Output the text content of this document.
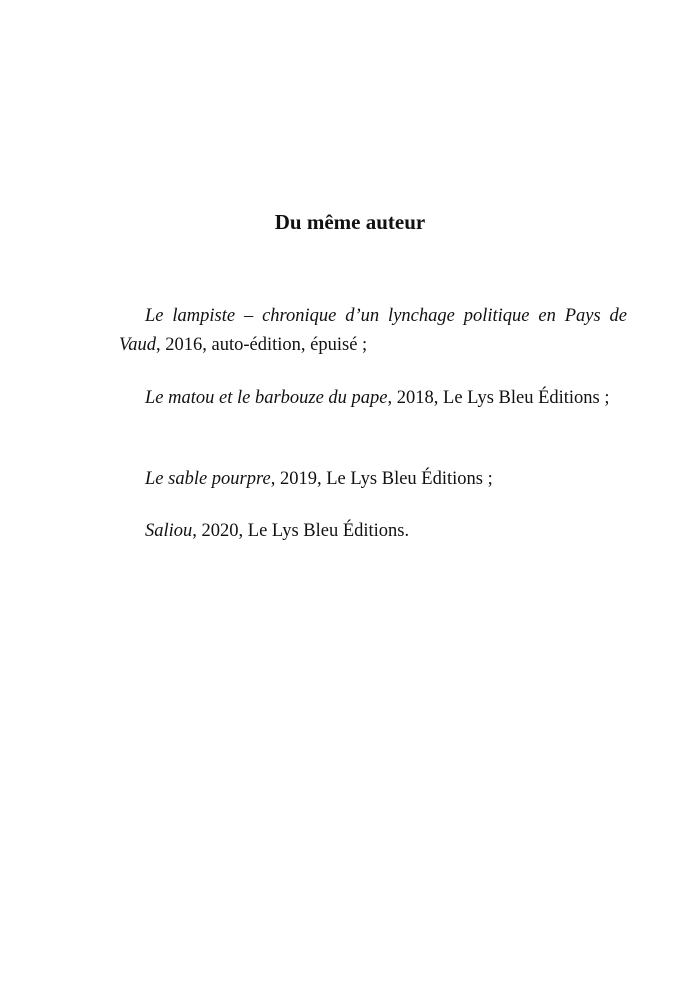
Du même auteur

Le lampiste – chronique d’un lynchage politique en Pays de Vaud, 2016, auto-édition, épuisé ;

Le matou et le barbouze du pape, 2018, Le Lys Bleu Éditions ;

Le sable pourpre, 2019, Le Lys Bleu Éditions ;

Saliou, 2020, Le Lys Bleu Éditions.
